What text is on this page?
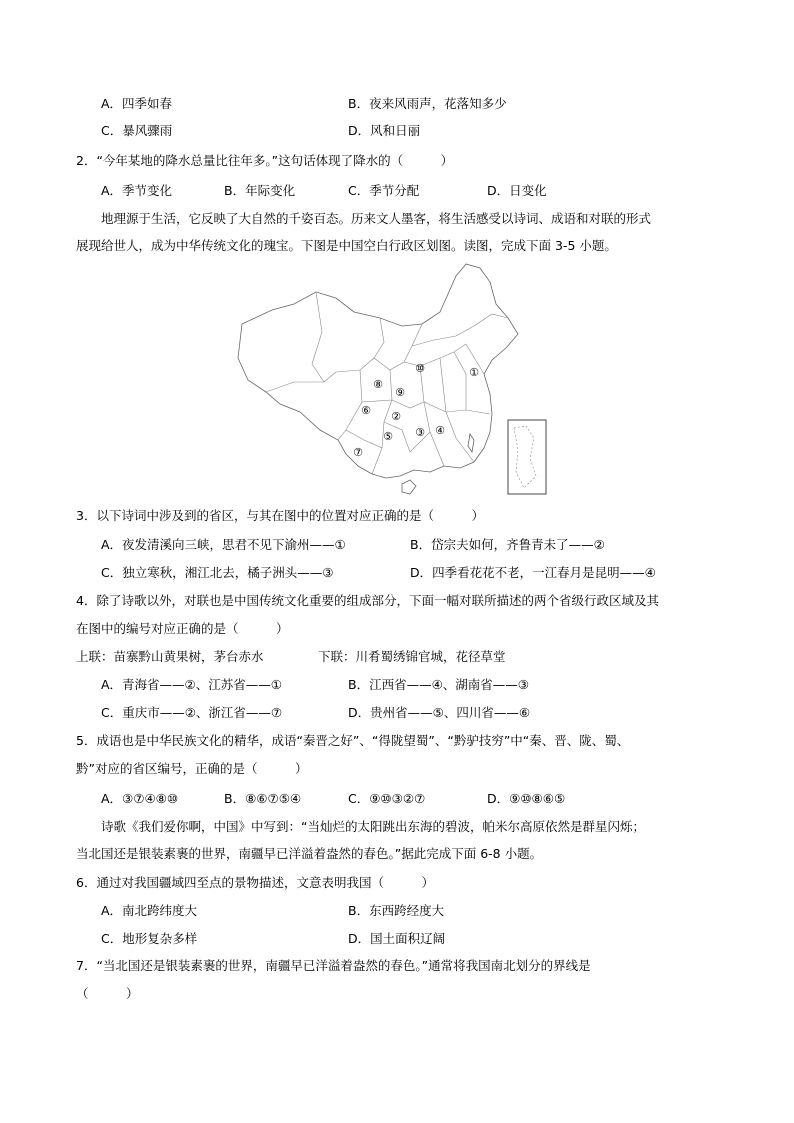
A．四季如春	B．夜来风雨声，花落知多少
C．暴风骤雨	D．风和日丽
2．“今年某地的降水总量比往年多。”这句话体现了降水的（　　　）
A．季节变化	B．年际变化	C．季节分配	D．日变化
地理源于生活，它反映了大自然的千姿百态。历来文人墨客，将生活感受以诗词、成语和对联的形式
展现给世人，成为中华传统文化的瑰宝。下图是中国空白行政区划图。读图，完成下面 3-5 小题。
①
②
③ ④
⑤
⑥
⑦
⑧
⑨
⑩
3．以下诗词中涉及到的省区，与其在图中的位置对应正确的是（　　　）
A．夜发清溪向三峡，思君不见下渝州——①	B．岱宗夫如何，齐鲁青未了——②
C．独立寒秋，湘江北去，橘子洲头——③	D．四季看花花不老，一江春月是昆明——④
4．除了诗歌以外，对联也是中国传统文化重要的组成部分，下面一幅对联所描述的两个省级行政区域及其
在图中的编号对应正确的是（　　　）
上联：苗寨黔山黄果树，茅台赤水	下联：川肴蜀绣锦官城，花径草堂
A．青海省——②、江苏省——①	B．江西省——④、湖南省——③
C．重庆市——②、浙江省——⑦	D．贵州省——⑤、四川省——⑥
5．成语也是中华民族文化的精华，成语“秦晋之好”、“得陇望蜀”、“黔驴技穷”中“秦、晋、陇、蜀、
黔”对应的省区编号，正确的是（　　　）
A．③⑦④⑧⑩	B．⑧⑥⑦⑤④	C．⑨⑩③②⑦	D．⑨⑩⑧⑥⑤
诗歌《我们爱你啊，中国》中写到：“当灿烂的太阳跳出东海的碧波，帕米尔高原依然是群星闪烁；
当北国还是银装素裹的世界，南疆早已洋溢着盎然的春色。”据此完成下面 6-8 小题。
6．通过对我国疆域四至点的景物描述，文意表明我国（　　　）
A．南北跨纬度大	B．东西跨经度大
C．地形复杂多样	D．国土面积辽阔
7．“当北国还是银装素裹的世界，南疆早已洋溢着盎然的春色。”通常将我国南北划分的界线是
（　　　）
